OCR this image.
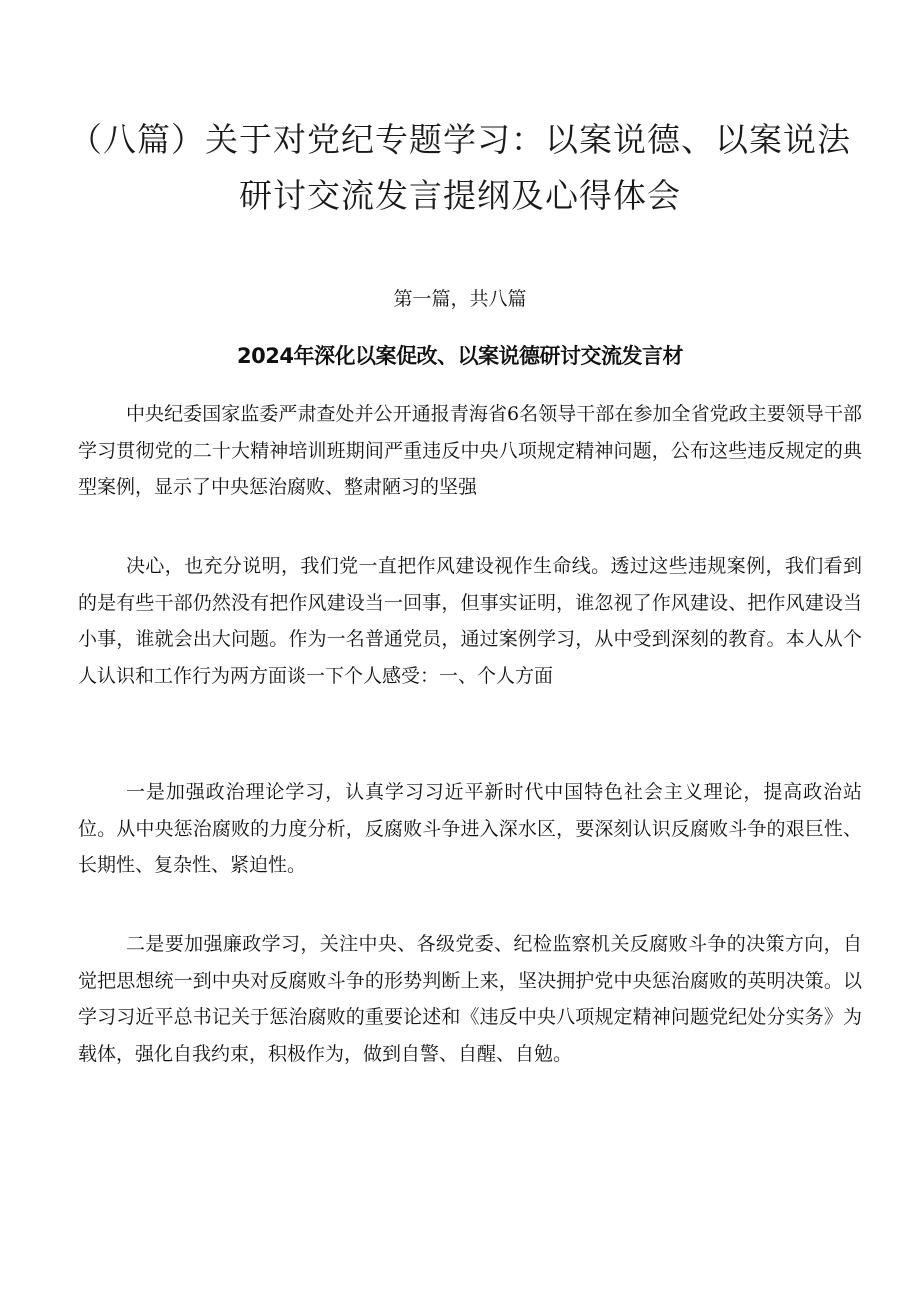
（八篇）关于对党纪专题学习：以案说德、以案说法研讨交流发言提纲及心得体会
第一篇，共八篇
2024年深化以案促改、以案说德研讨交流发言材

中央纪委国家监委严肃查处并公开通报青海省6名领导干部在参加全省党政主要领导干部学习贯彻党的二十大精神培训班期间严重违反中央八项规定精神问题，公布这些违反规定的典型案例，显示了中央惩治腐败、整肃陋习的坚强

决心，也充分说明，我们党一直把作风建设视作生命线。透过这些违规案例，我们看到的是有些干部仍然没有把作风建设当一回事，但事实证明，谁忽视了作风建设、把作风建设当小事，谁就会出大问题。作为一名普通党员，通过案例学习，从中受到深刻的教育。本人从个人认识和工作行为两方面谈一下个人感受：一、个人方面

一是加强政治理论学习，认真学习习近平新时代中国特色社会主义理论，提高政治站位。从中央惩治腐败的力度分析，反腐败斗争进入深水区，要深刻认识反腐败斗争的艰巨性、长期性、复杂性、紧迫性。

二是要加强廉政学习，关注中央、各级党委、纪检监察机关反腐败斗争的决策方向，自觉把思想统一到中央对反腐败斗争的形势判断上来，坚决拥护党中央惩治腐败的英明决策。以学习习近平总书记关于惩治腐败的重要论述和《违反中央八项规定精神问题党纪处分实务》为载体，强化自我约束，积极作为，做到自警、自醒、自勉。
